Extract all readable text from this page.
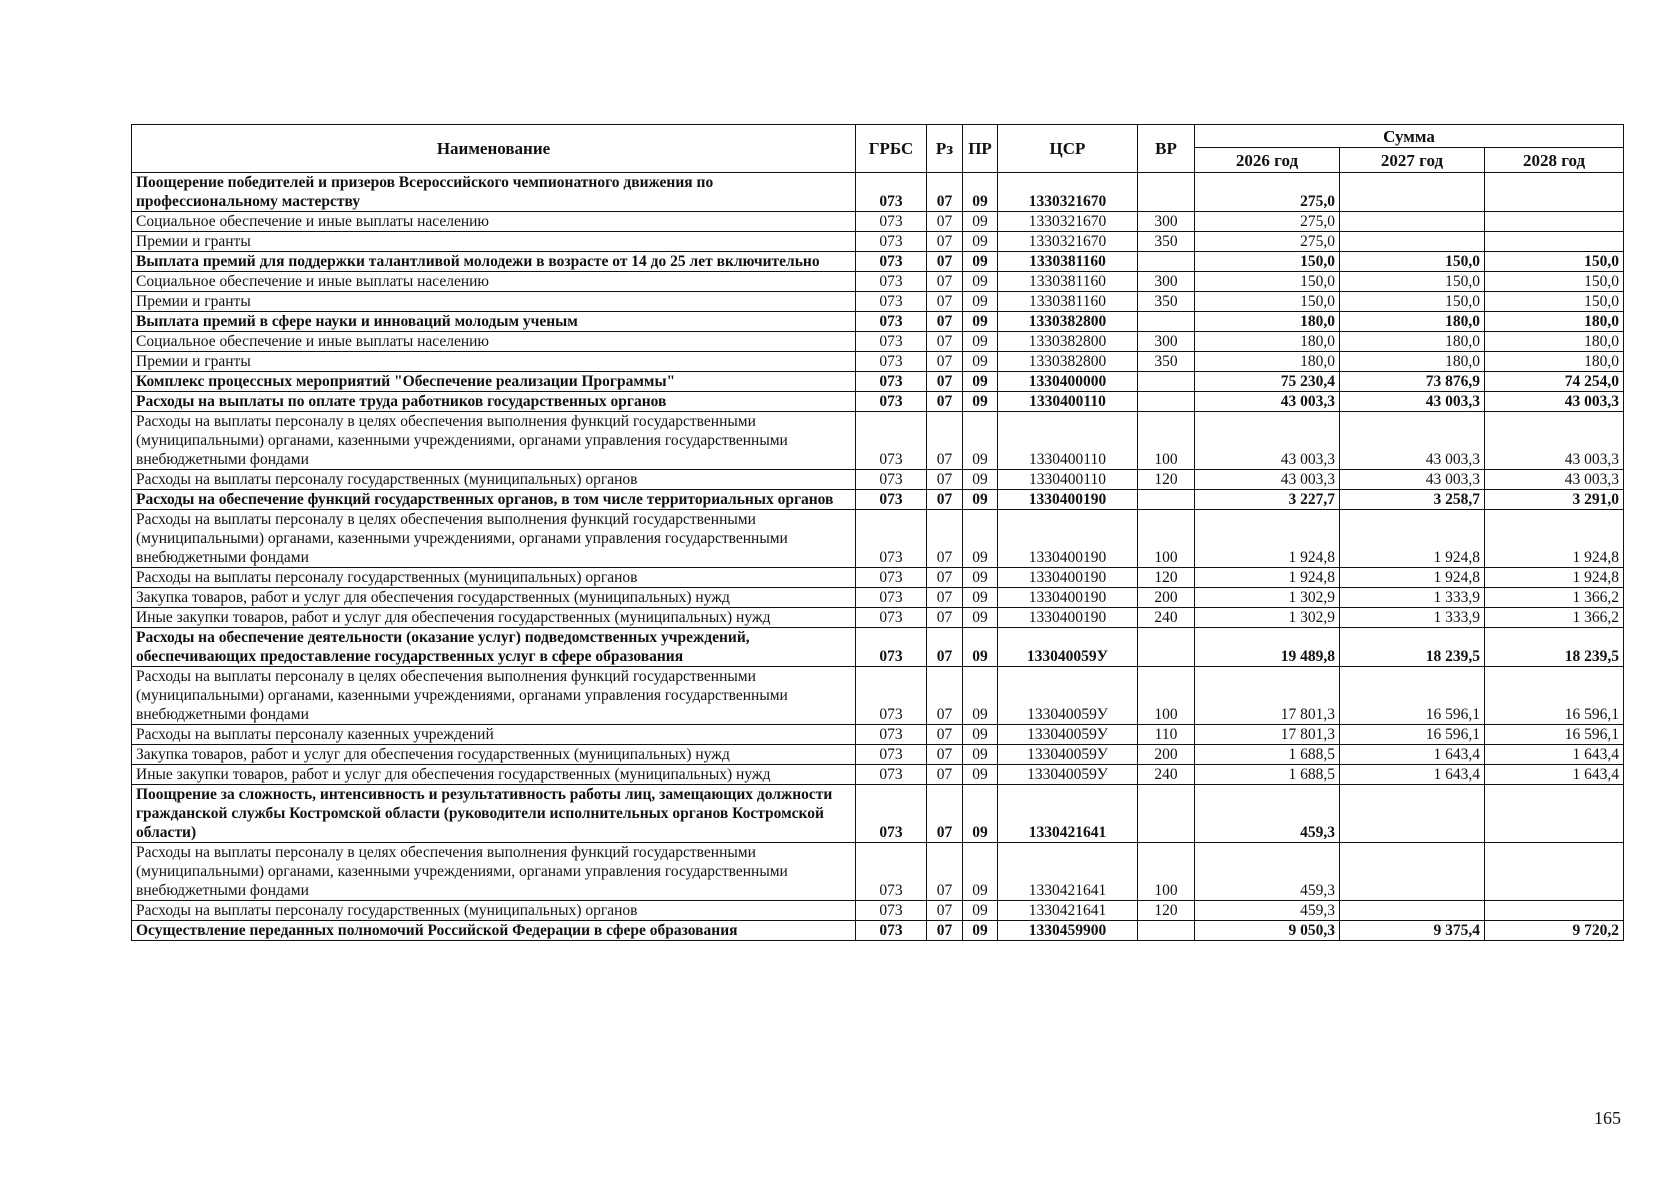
Наименование	ГРБС	Рз	ПР	ЦСР	ВР	Сумма		
						2026 год	2027 год	2028 год
Поощерение победителей и призеров Всероссийского чемпионатного движения по профессиональному мастерству	073	07	09	1330321670		275,0		
Социальное обеспечение и иные выплаты населению	073	07	09	1330321670	300	275,0		
Премии и гранты	073	07	09	1330321670	350	275,0		
Выплата премий для поддержки талантливой молодежи в возрасте от 14 до 25 лет включительно	073	07	09	1330381160		150,0	150,0	150,0
Социальное обеспечение и иные выплаты населению	073	07	09	1330381160	300	150,0	150,0	150,0
Премии и гранты	073	07	09	1330381160	350	150,0	150,0	150,0
Выплата премий в сфере науки и инноваций молодым ученым	073	07	09	1330382800		180,0	180,0	180,0
Социальное обеспечение и иные выплаты населению	073	07	09	1330382800	300	180,0	180,0	180,0
Премии и гранты	073	07	09	1330382800	350	180,0	180,0	180,0
Комплекс процессных мероприятий "Обеспечение реализации Программы"	073	07	09	1330400000		75 230,4	73 876,9	74 254,0
Расходы на выплаты по оплате труда работников государственных органов	073	07	09	1330400110		43 003,3	43 003,3	43 003,3
Расходы на выплаты персоналу в целях обеспечения выполнения функций государственными (муниципальными) органами, казенными учреждениями, органами управления государственными внебюджетными фондами	073	07	09	1330400110	100	43 003,3	43 003,3	43 003,3
Расходы на выплаты персоналу государственных (муниципальных) органов	073	07	09	1330400110	120	43 003,3	43 003,3	43 003,3
Расходы на обеспечение функций государственных органов, в том числе территориальных органов	073	07	09	1330400190		3 227,7	3 258,7	3 291,0
Расходы на выплаты персоналу в целях обеспечения выполнения функций государственными (муниципальными) органами, казенными учреждениями, органами управления государственными внебюджетными фондами	073	07	09	1330400190	100	1 924,8	1 924,8	1 924,8
Расходы на выплаты персоналу государственных (муниципальных) органов	073	07	09	1330400190	120	1 924,8	1 924,8	1 924,8
Закупка товаров, работ и услуг для обеспечения государственных (муниципальных) нужд	073	07	09	1330400190	200	1 302,9	1 333,9	1 366,2
Иные закупки товаров, работ и услуг для обеспечения государственных (муниципальных) нужд	073	07	09	1330400190	240	1 302,9	1 333,9	1 366,2
Расходы на обеспечение деятельности (оказание услуг) подведомственных учреждений, обеспечивающих предоставление государственных услуг в сфере образования	073	07	09	133040059У		19 489,8	18 239,5	18 239,5
Расходы на выплаты персоналу в целях обеспечения выполнения функций государственными (муниципальными) органами, казенными учреждениями, органами управления государственными внебюджетными фондами	073	07	09	133040059У	100	17 801,3	16 596,1	16 596,1
Расходы на выплаты персоналу казенных учреждений	073	07	09	133040059У	110	17 801,3	16 596,1	16 596,1
Закупка товаров, работ и услуг для обеспечения государственных (муниципальных) нужд	073	07	09	133040059У	200	1 688,5	1 643,4	1 643,4
Иные закупки товаров, работ и услуг для обеспечения государственных (муниципальных) нужд	073	07	09	133040059У	240	1 688,5	1 643,4	1 643,4
Поощрение за сложность, интенсивность и результативность работы лиц, замещающих должности гражданской службы Костромской области (руководители исполнительных органов Костромской области)	073	07	09	1330421641		459,3		
Расходы на выплаты персоналу в целях обеспечения выполнения функций государственными (муниципальными) органами, казенными учреждениями, органами управления государственными внебюджетными фондами	073	07	09	1330421641	100	459,3		
Расходы на выплаты персоналу государственных (муниципальных) органов	073	07	09	1330421641	120	459,3		
Осуществление переданных полномочий Российской Федерации в сфере образования	073	07	09	1330459900		9 050,3	9 375,4	9 720,2
165
